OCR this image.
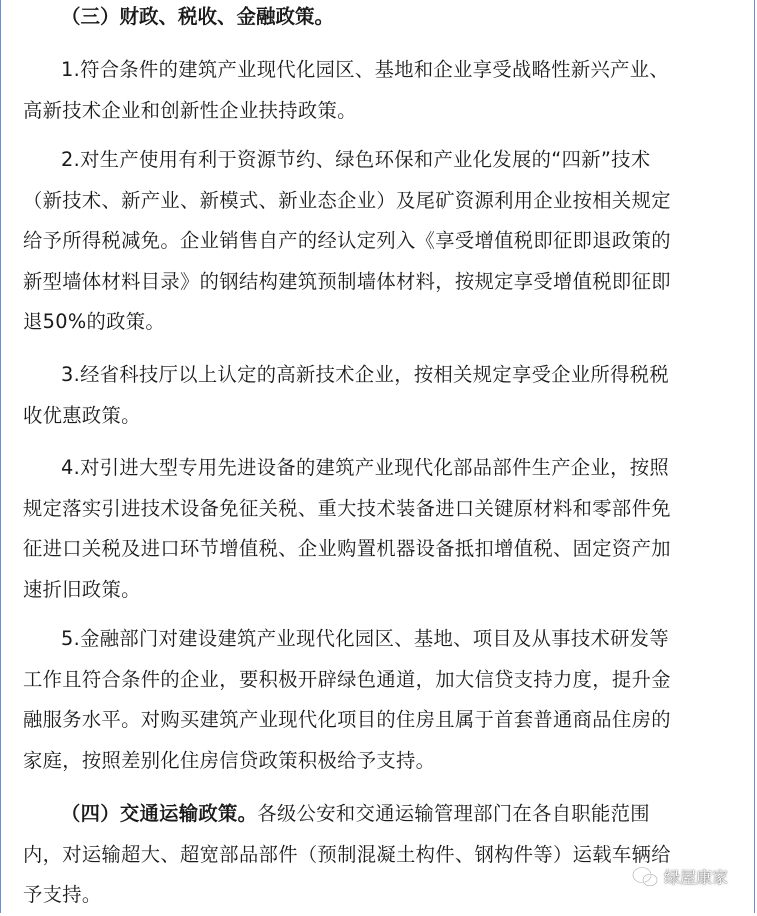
（三）财政、税收、金融政策。
1.符合条件的建筑产业现代化园区、基地和企业享受战略性新兴产业、
高新技术企业和创新性企业扶持政策。
2.对生产使用有利于资源节约、绿色环保和产业化发展的“四新”技术
（新技术、新产业、新模式、新业态企业）及尾矿资源利用企业按相关规定
给予所得税减免。企业销售自产的经认定列入《享受增值税即征即退政策的
新型墙体材料目录》的钢结构建筑预制墙体材料，按规定享受增值税即征即
退50%的政策。
3.经省科技厅以上认定的高新技术企业，按相关规定享受企业所得税税
收优惠政策。
4.对引进大型专用先进设备的建筑产业现代化部品部件生产企业，按照
规定落实引进技术设备免征关税、重大技术装备进口关键原材料和零部件免
征进口关税及进口环节增值税、企业购置机器设备抵扣增值税、固定资产加
速折旧政策。
5.金融部门对建设建筑产业现代化园区、基地、项目及从事技术研发等
工作且符合条件的企业，要积极开辟绿色通道，加大信贷支持力度，提升金
融服务水平。对购买建筑产业现代化项目的住房且属于首套普通商品住房的
家庭，按照差别化住房信贷政策积极给予支持。
（四）交通运输政策。各级公安和交通运输管理部门在各自职能范围
内，对运输超大、超宽部品部件（预制混凝土构件、钢构件等）运载车辆给
予支持。
绿屋康家
